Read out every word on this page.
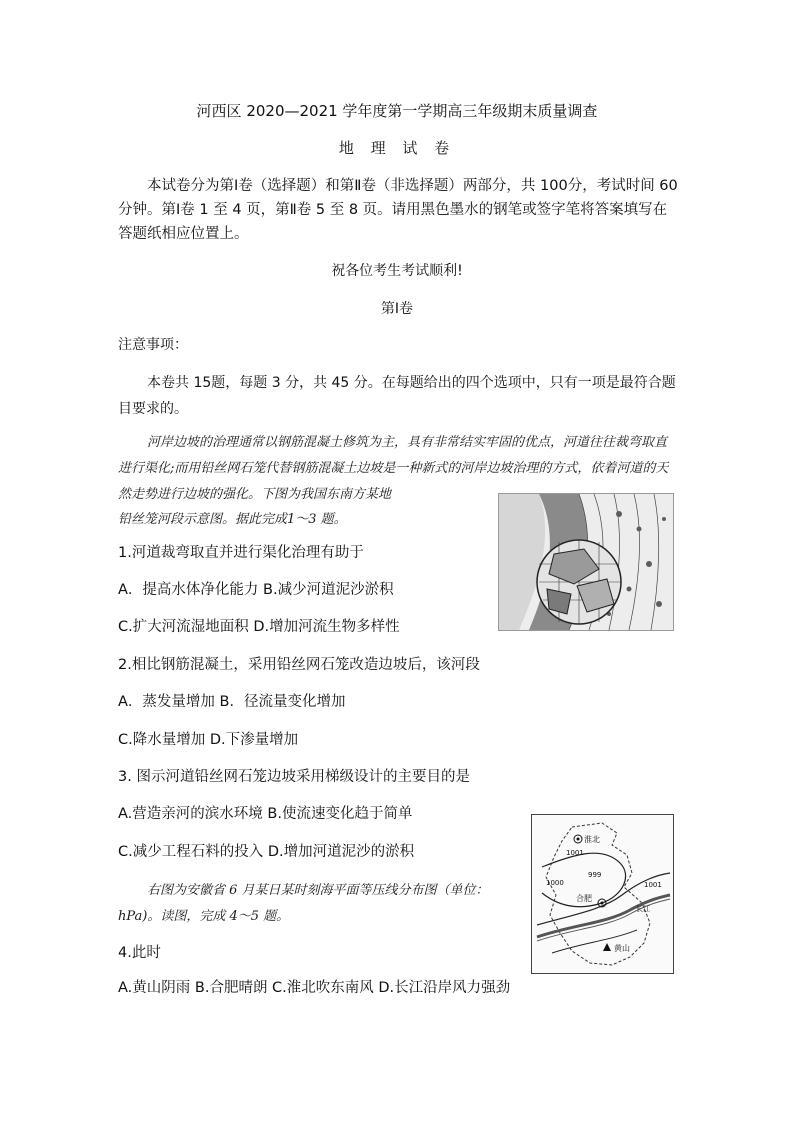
河西区 2020—2021 学年度第一学期高三年级期末质量调查
地 理 试 卷
本试卷分为第Ⅰ卷（选择题）和第Ⅱ卷（非选择题）两部分，共 100分，考试时间 60 分钟。第Ⅰ卷 1 至 4 页，第Ⅱ卷 5 至 8 页。请用黑色墨水的钢笔或签字笔将答案填写在答题纸相应位置上。
祝各位考生考试顺利!
第Ⅰ卷
注意事项：
本卷共 15题，每题 3 分，共 45 分。在每题给出的四个选项中，只有一项是最符合题目要求的。
河岸边坡的治理通常以钢筋混凝土修筑为主，具有非常结实牢固的优点，河道往往裁弯取直进行渠化;而用铅丝网石笼代替钢筋混凝土边坡是一种新式的河岸边坡治理的方式，依着河道的天然走势进行边坡的强化。下图为我国东南方某地
铅丝笼河段示意图。据此完成1～3 题。
1.河道裁弯取直并进行渠化治理有助于
A．提高水体净化能力 B.减少河道泥沙淤积
C.扩大河流湿地面积 D.增加河流生物多样性
2.相比钢筋混凝土，采用铅丝网石笼改造边坡后，该河段
A．蒸发量增加 B．径流量变化增加
C.降水量增加 D.下渗量增加
3. 图示河道铅丝网石笼边坡采用梯级设计的主要目的是
A.营造亲河的滨水环境 B.使流速变化趋于简单
C.减少工程石料的投入 D.增加河道泥沙的淤积
淮北
1001
1000
999
合肥
长江
黄山
1001
右图为安徽省 6 月某日某时刻海平面等压线分布图（单位：
hPa)。读图，完成 4～5 题。
4.此时
A.黄山阴雨 B.合肥晴朗 C.淮北吹东南风 D.长江沿岸风力强劲
